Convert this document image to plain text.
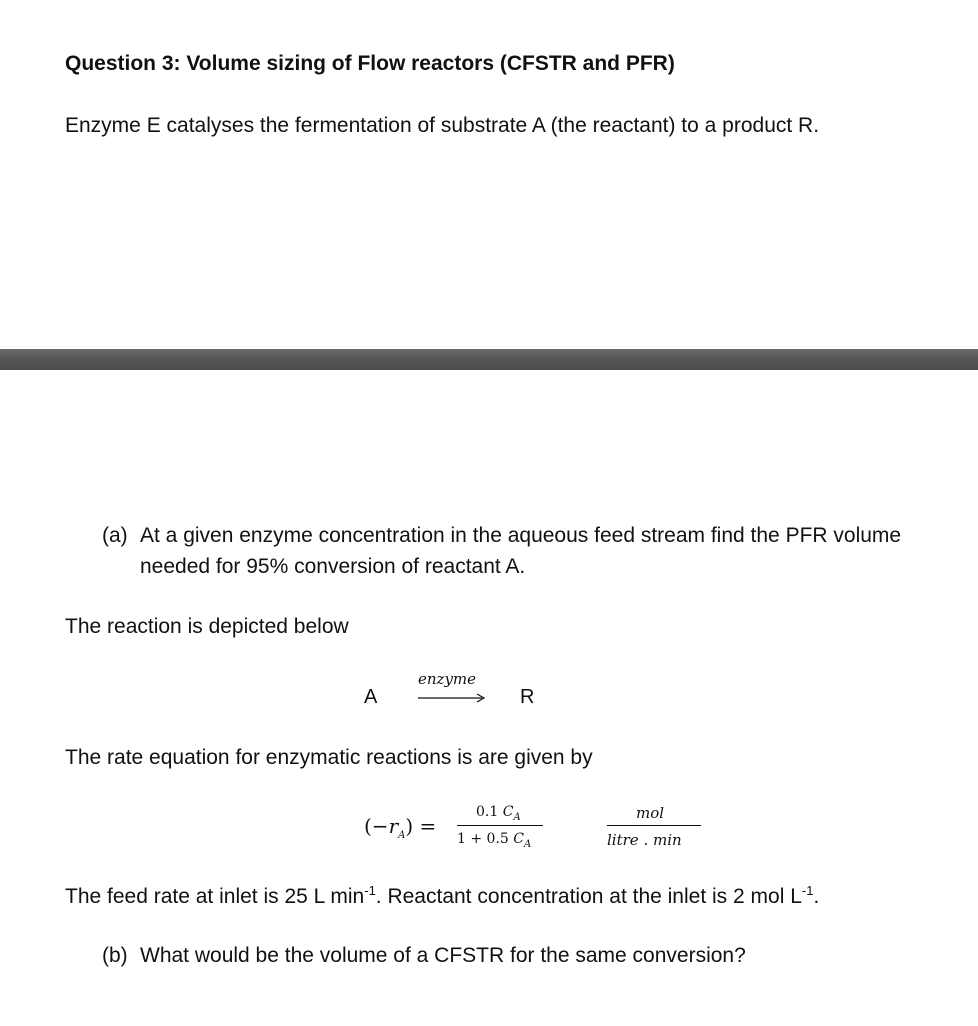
Question 3: Volume sizing of Flow reactors (CFSTR and PFR)
Enzyme E catalyses the fermentation of substrate A (the reactant) to a product R.
(a) At a given enzyme concentration in the aqueous feed stream find the PFR volume
needed for 95% conversion of reactant A.
The reaction is depicted below
A
enzyme
R
The rate equation for enzymatic reactions is are given by
$(-r_A)$ =
0.1 $C_A$
1 + 0.5 $C_A$
mol
litre . min
The feed rate at inlet is 25 L $\min^{-1}$. Reactant concentration at the inlet is 2 mol $L^{-1}$.
(b) What would be the volume of a CFSTR for the same conversion?
